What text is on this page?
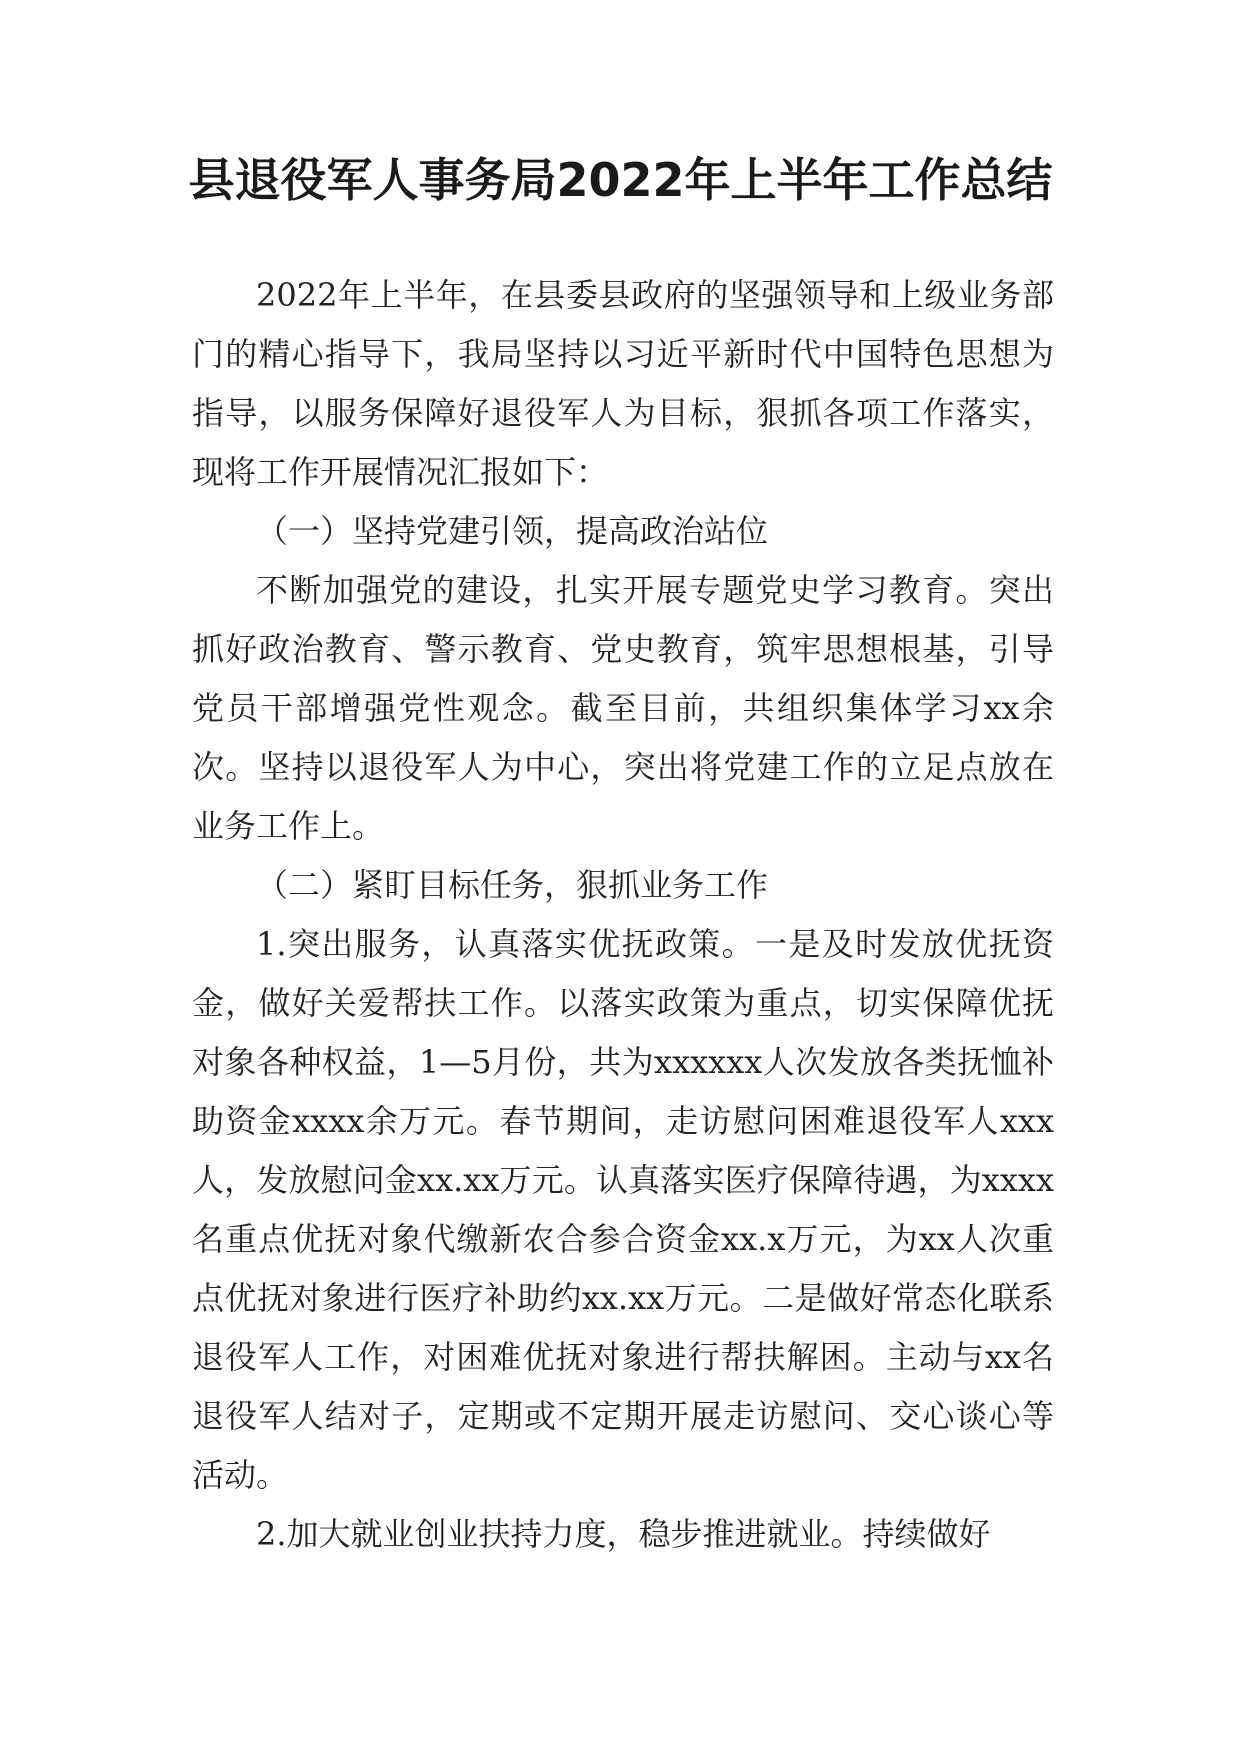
县退役军人事务局2022年上半年工作总结

2022年上半年，在县委县政府的坚强领导和上级业务部门的精心指导下，我局坚持以习近平新时代中国特色思想为指导，以服务保障好退役军人为目标，狠抓各项工作落实，现将工作开展情况汇报如下：

（一）坚持党建引领，提高政治站位

不断加强党的建设，扎实开展专题党史学习教育。突出抓好政治教育、警示教育、党史教育，筑牢思想根基，引导党员干部增强党性观念。截至目前，共组织集体学习xx余次。坚持以退役军人为中心，突出将党建工作的立足点放在业务工作上。

（二）紧盯目标任务，狠抓业务工作

1.突出服务，认真落实优抚政策。一是及时发放优抚资金，做好关爱帮扶工作。以落实政策为重点，切实保障优抚对象各种权益，1—5月份，共为xxxxxx人次发放各类抚恤补助资金xxxx余万元。春节期间，走访慰问困难退役军人xxx人，发放慰问金xx.xx万元。认真落实医疗保障待遇，为xxxx名重点优抚对象代缴新农合参合资金xx.x万元，为xx人次重点优抚对象进行医疗补助约xx.xx万元。二是做好常态化联系退役军人工作，对困难优抚对象进行帮扶解困。主动与xx名退役军人结对子，定期或不定期开展走访慰问、交心谈心等活动。

2.加大就业创业扶持力度，稳步推进就业。持续做好
